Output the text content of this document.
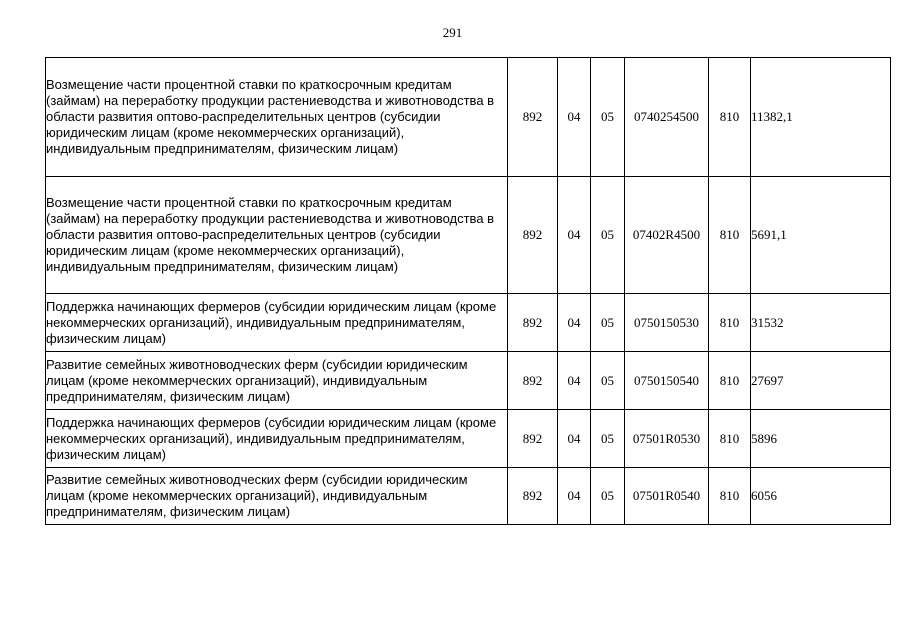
291
Возмещение части процентной ставки по краткосрочным кредитам (займам) на переработку продукции растениеводства и животноводства в области развития оптово-распределительных центров (субсидии юридическим лицам (кроме некоммерческих организаций), индивидуальным предпринимателям, физическим лицам)	892	04	05	0740254500	810	11382,1
Возмещение части процентной ставки по краткосрочным кредитам (займам) на переработку продукции растениеводства и животноводства в области развития оптово-распределительных центров (субсидии юридическим лицам (кроме некоммерческих организаций), индивидуальным предпринимателям, физическим лицам)	892	04	05	07402R4500	810	5691,1
Поддержка начинающих фермеров (субсидии юридическим лицам (кроме некоммерческих организаций), индивидуальным предпринимателям, физическим лицам)	892	04	05	0750150530	810	31532
Развитие семейных животноводческих ферм (субсидии юридическим лицам (кроме некоммерческих организаций), индивидуальным предпринимателям, физическим лицам)	892	04	05	0750150540	810	27697
Поддержка начинающих фермеров (субсидии юридическим лицам (кроме некоммерческих организаций), индивидуальным предпринимателям, физическим лицам)	892	04	05	07501R0530	810	5896
Развитие семейных животноводческих ферм (субсидии юридическим лицам (кроме некоммерческих организаций), индивидуальным предпринимателям, физическим лицам)	892	04	05	07501R0540	810	6056
